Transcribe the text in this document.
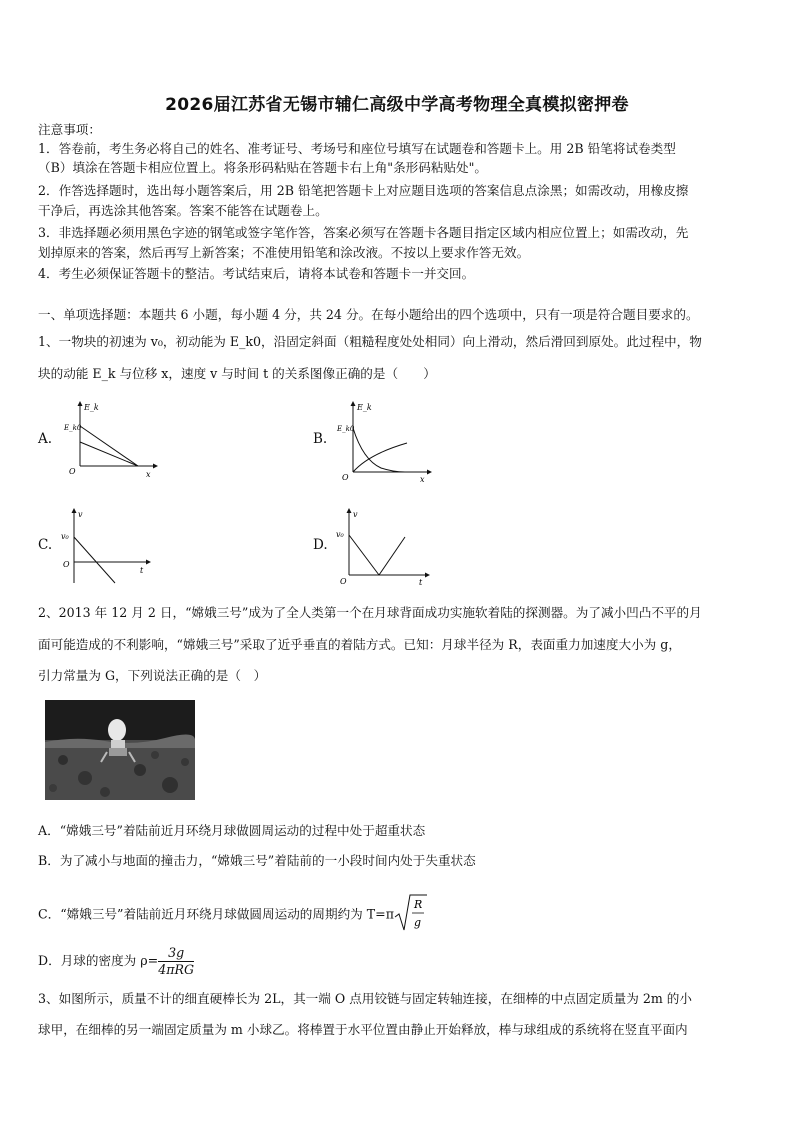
2026届江苏省无锡市辅仁高级中学高考物理全真模拟密押卷
注意事项：
1．答卷前，考生务必将自己的姓名、准考证号、考场号和座位号填写在试题卷和答题卡上。用 2B 铅笔将试卷类型
（B）填涂在答题卡相应位置上。将条形码粘贴在答题卡右上角"条形码粘贴处"。
2．作答选择题时，选出每小题答案后，用 2B 铅笔把答题卡上对应题目选项的答案信息点涂黑；如需改动，用橡皮擦
干净后，再选涂其他答案。答案不能答在试题卷上。
3．非选择题必须用黑色字迹的钢笔或签字笔作答，答案必须写在答题卡各题目指定区域内相应位置上；如需改动，先
划掉原来的答案，然后再写上新答案；不准使用铅笔和涂改液。不按以上要求作答无效。
4．考生必须保证答题卡的整洁。考试结束后，请将本试卷和答题卡一并交回。
一、单项选择题：本题共 6 小题，每小题 4 分，共 24 分。在每小题给出的四个选项中，只有一项是符合题目要求的。
1、一物块的初速为 v₀，初动能为 E_k0，沿固定斜面（粗糙程度处处相同）向上滑动，然后滑回到原处。此过程中，物
块的动能 E_k 与位移 x，速度 v 与时间 t 的关系图像正确的是（　　）
A.
E_k
E_k0
O	x
B.
E_k
E_k0
O	x
C.
v
v₀
O
t
D.
v
v₀
O	t
2、2013 年 12 月 2 日，“嫦娥三号”成为了全人类第一个在月球背面成功实施软着陆的探测器。为了减小凹凸不平的月
面可能造成的不利影响，“嫦娥三号”采取了近乎垂直的着陆方式。已知：月球半径为 R，表面重力加速度大小为 g，
引力常量为 G，下列说法正确的是（　）
A．“嫦娥三号”着陆前近月环绕月球做圆周运动的过程中处于超重状态
B．为了减小与地面的撞击力，“嫦娥三号”着陆前的一小段时间内处于失重状态
C．“嫦娥三号”着陆前近月环绕月球做圆周运动的周期约为 T=π
R
g
D．月球的密度为 $\rho= \frac{3g}{\text{4πRG}}$
3、如图所示，质量不计的细直硬棒长为 2L，其一端 O 点用铰链与固定转轴连接，在细棒的中点固定质量为 2m 的小
球甲，在细棒的另一端固定质量为 m 小球乙。将棒置于水平位置由静止开始释放，棒与球组成的系统将在竖直平面内
